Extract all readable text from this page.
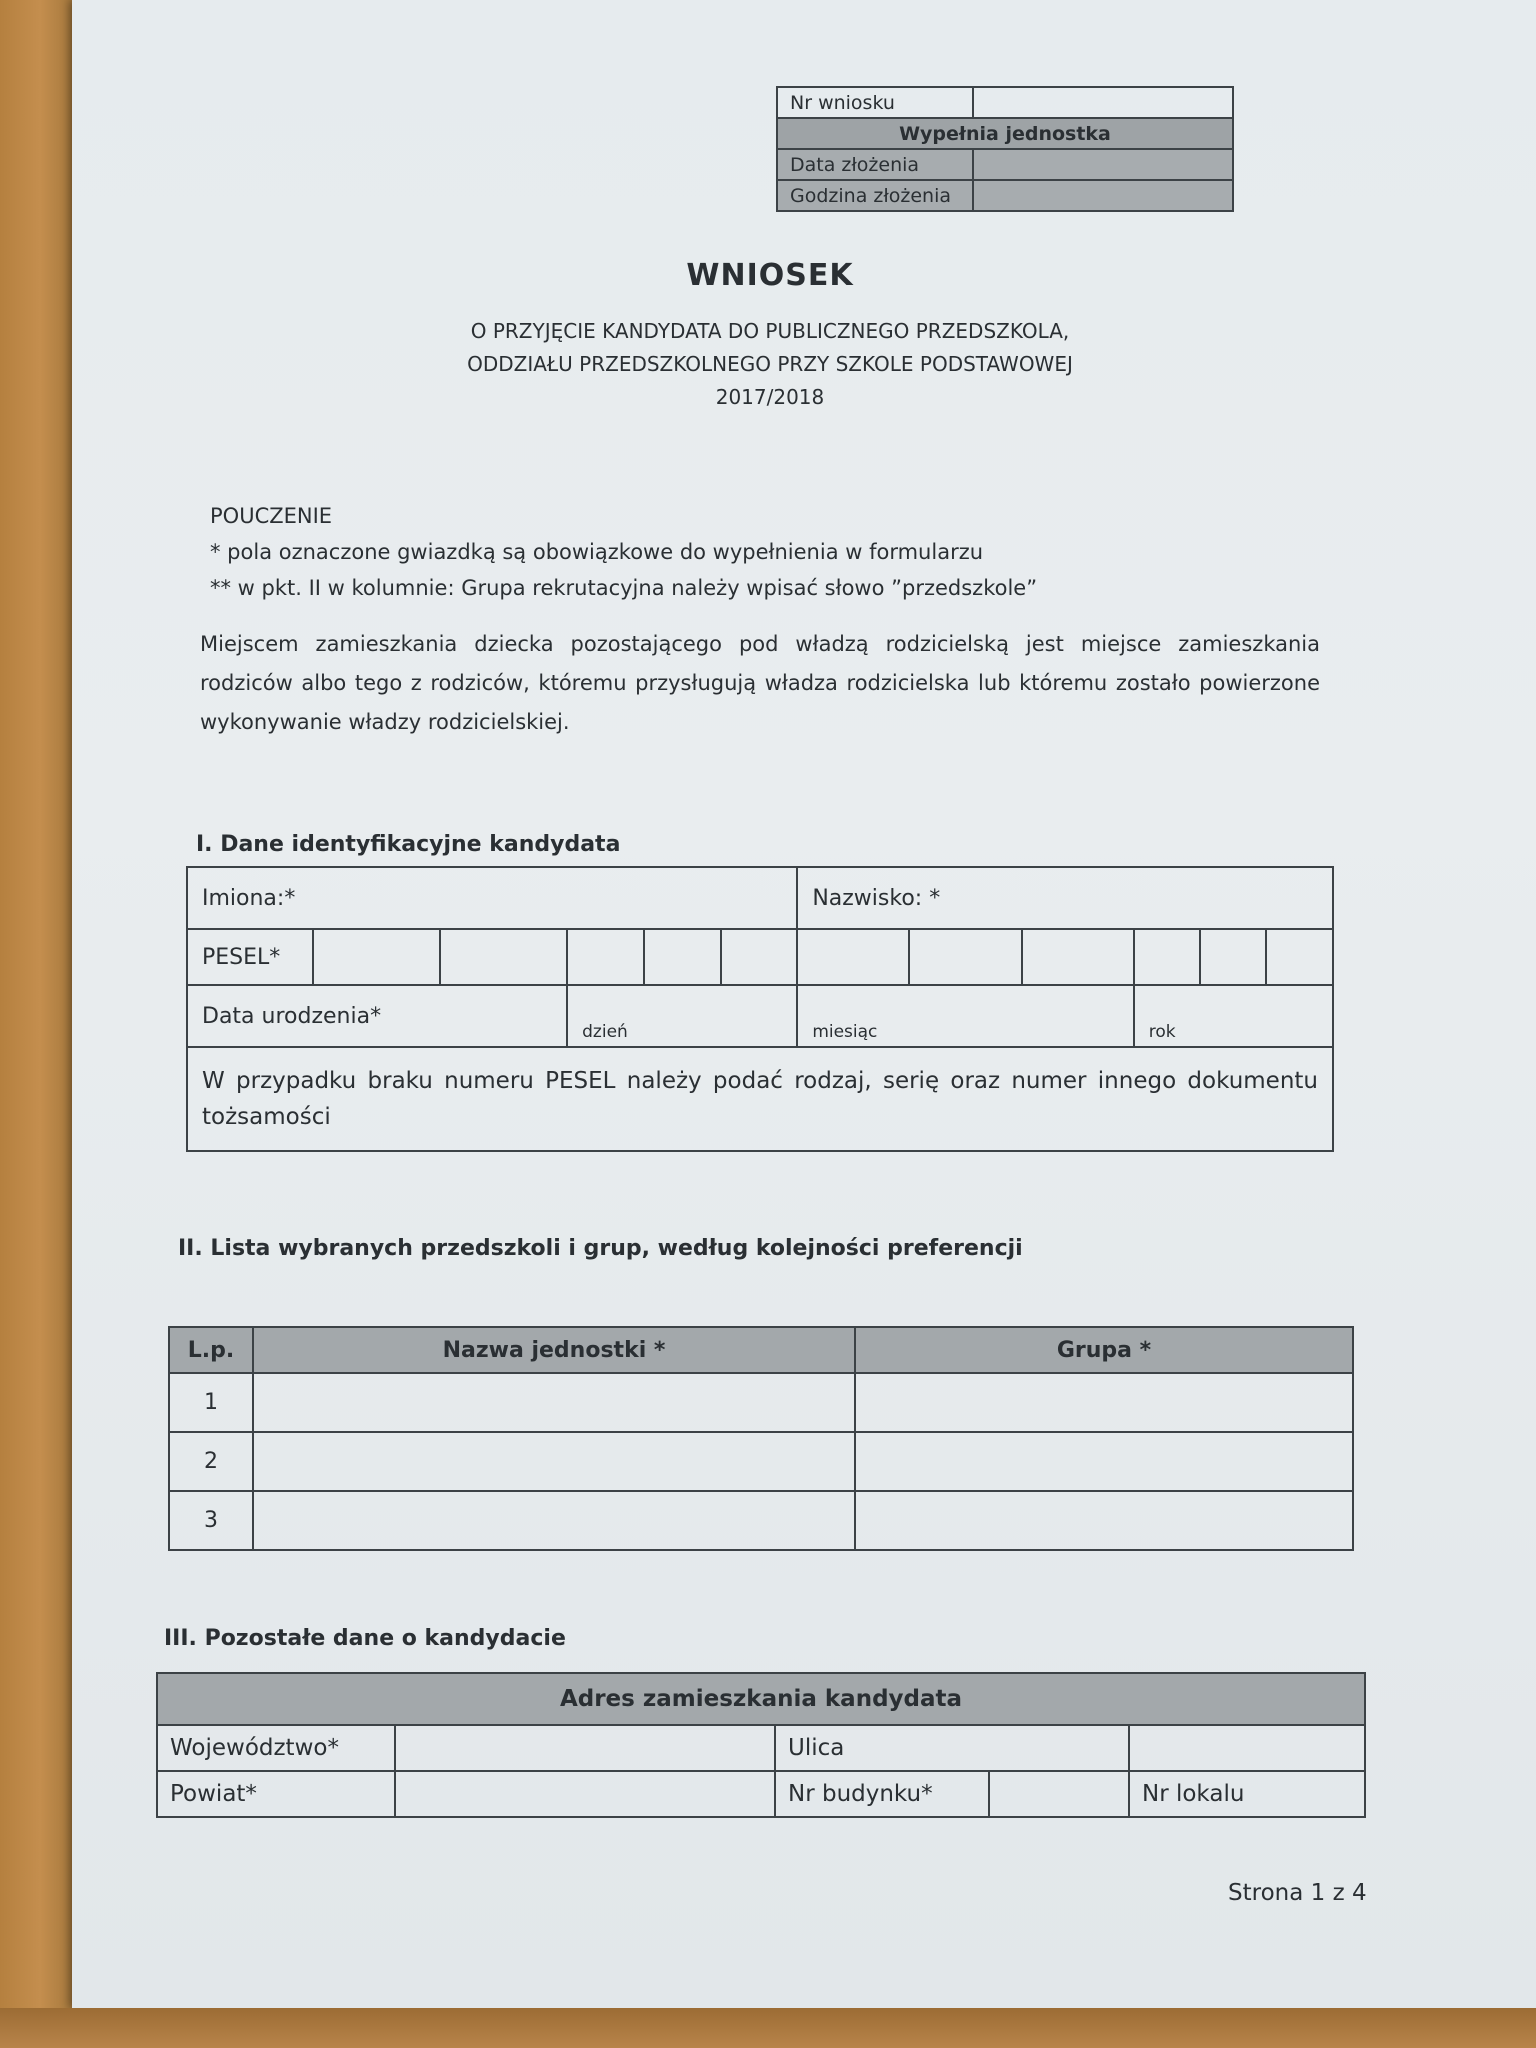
Nr wniosku	
Wypełnia jednostka	
Data złożenia	
Godzina złożenia	
WNIOSEK
O PRZYJĘCIE KANDYDATA DO PUBLICZNEGO PRZEDSZKOLA,
ODDZIAŁU PRZEDSZKOLNEGO PRZY SZKOLE PODSTAWOWEJ
2017/2018
POUCZENIE
* pola oznaczone gwiazdką są obowiązkowe do wypełnienia w formularzu
** w pkt. II w kolumnie: Grupa rekrutacyjna należy wpisać słowo ”przedszkole”
Miejscem zamieszkania dziecka pozostającego pod władzą rodzicielską jest miejsce zamieszkania rodziców albo tego z rodziców, któremu przysługują władza rodzicielska lub któremu zostało powierzone wykonywanie władzy rodzicielskiej.
I. Dane identyfikacyjne kandydata
Imiona:*						Nazwisko: *					
PESEL*											
Data urodzenia*			dzień			miesiąc			rok		
W przypadku braku numeru PESEL należy podać rodzaj, serię oraz numer innego dokumentu tożsamości											
II. Lista wybranych przedszkoli i grup, według kolejności preferencji
L.p.	Nazwa jednostki *	Grupa *
1		
2		
3		
III. Pozostałe dane o kandydacie
Adres zamieszkania kandydata				
Województwo*		Ulica		
Powiat*		Nr budynku*		Nr lokalu
Strona 1 z 4
